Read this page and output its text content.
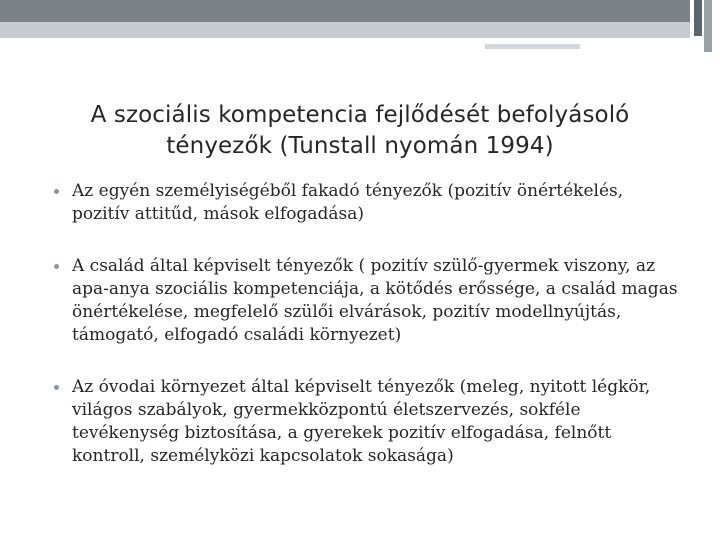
A szociális kompetencia fejlődését befolyásoló tényezők (Tunstall nyomán 1994)
Az egyén személyiségéből fakadó tényezők (pozitív önértékelés, pozitív attitűd, mások elfogadása)
A család által képviselt tényezők ( pozitív szülő-gyermek viszony, az apa-anya szociális kompetenciája, a kötődés erőssége, a család magas önértékelése, megfelelő szülői elvárások, pozitív modellnyújtás, támogató, elfogadó családi környezet)
Az óvodai környezet által képviselt tényezők (meleg, nyitott légkör, világos szabályok, gyermekközpontú életszervezés, sokféle tevékenység biztosítása, a gyerekek pozitív elfogadása, felnőtt kontroll, személyközi kapcsolatok sokasága)
